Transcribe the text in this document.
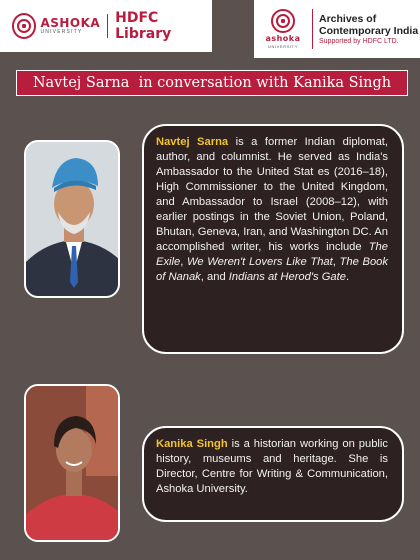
ASHOKA
UNIVERSITY
HDFC Library	ashoka
UNIVERSITY
Archives of
Contemporary India
Supported by HDFC LTD.
Navtej Sarna  in conversation with Kanika Singh
Navtej Sarna is a former Indian diplomat, author, and columnist. He served as India's Ambassador to the United Stat es (2016–18), High Commissioner to the United Kingdom, and Ambassador to Israel (2008–12), with earlier postings in the Soviet Union, Poland, Bhutan, Geneva, Iran, and Washington DC. An accomplished writer, his works include The Exile, We Weren't Lovers Like That, The Book of Nanak, and Indians at Herod's Gate.
Kanika Singh is a historian working on public history, museums and heritage. She is Director, Centre for Writing & Communication, Ashoka University.
